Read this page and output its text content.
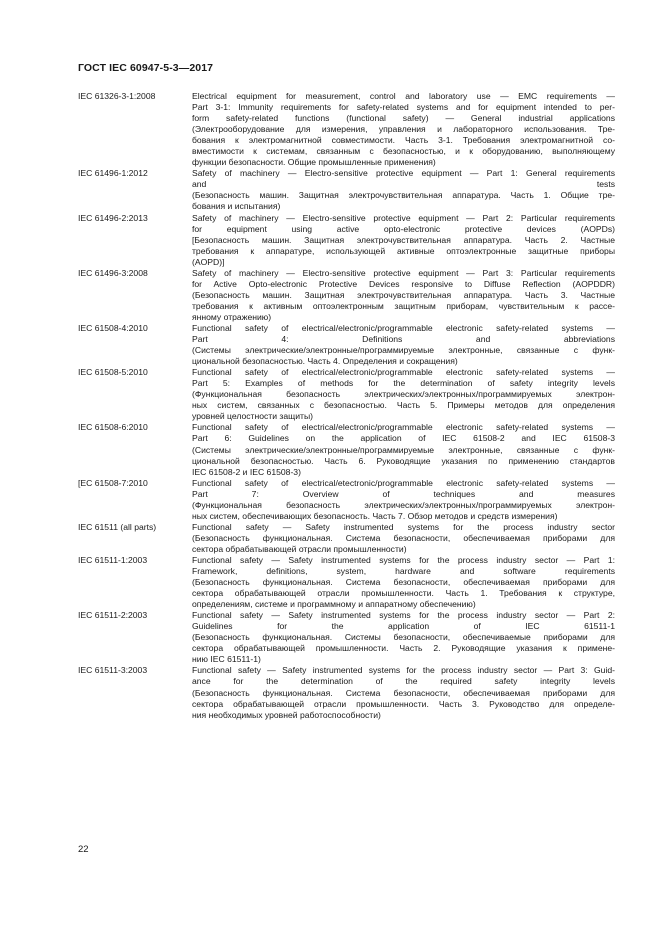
ГОСТ IEC 60947-5-3—2017
IEC 61326-3-1:2008	Electrical equipment for measurement, control and laboratory use — EMC requirements —
Part 3-1: Immunity requirements for safety-related systems and for equipment intended to per-
form safety-related functions (functional safety) — General industrial applications
(Электрооборудование для измерения, управления и лабораторного использования. Тре-
бования к электромагнитной совместимости. Часть 3-1. Требования электромагнитной со-
вместимости к системам, связанным с безопасностью, и к оборудованию, выполняющему
функции безопасности. Общие промышленные применения)
IEC 61496-1:2012	Safety of machinery — Electro-sensitive protective equipment — Part 1: General requirements
and tests
(Безопасность машин. Защитная электрочувствительная аппаратура. Часть 1. Общие тре-
бования и испытания)
IEC 61496-2:2013	Safety of machinery — Electro-sensitive protective equipment — Part 2: Particular requirements
for equipment using active opto-electronic protective devices (AOPDs)
[Безопасность машин. Защитная электрочувствительная аппаратура. Часть 2. Частные
требования к аппаратуре, использующей активные оптоэлектронные защитные приборы
(AOPD)]
IEC 61496-3:2008	Safety of machinery — Electro-sensitive protective equipment — Part 3: Particular requirements
for Active Opto-electronic Protective Devices responsive to Diffuse Reflection (AOPDDR)
(Безопасность машин. Защитная электрочувствительная аппаратура. Часть 3. Частные
требования к активным оптоэлектронным защитным приборам, чувствительным к рассе-
янному отражению)
IEC 61508-4:2010	Functional safety of electrical/electronic/programmable electronic safety-related systems —
Part 4: Definitions and abbreviations
(Системы электрические/электронные/программируемые электронные, связанные с функ-
циональной безопасностью. Часть 4. Определения и сокращения)
IEC 61508-5:2010	Functional safety of electrical/electronic/programmable electronic safety-related systems —
Part 5: Examples of methods for the determination of safety integrity levels
(Функциональная безопасность электрических/электронных/программируемых электрон-
ных систем, связанных с безопасностью. Часть 5. Примеры методов для определения
уровней целостности защиты)
IEC 61508-6:2010	Functional safety of electrical/electronic/programmable electronic safety-related systems —
Part 6: Guidelines on the application of IEC 61508-2 and IEC 61508-3
(Системы электрические/электронные/программируемые электронные, связанные с функ-
циональной безопасностью. Часть 6. Руководящие указания по применению стандартов
IEC 61508-2 и IEC 61508-3)
[EC 61508-7:2010	Functional safety of electrical/etectronic/programmable electronic safety-related systems —
Part 7: Overview of techniques and measures
(Функциональная безопасность электрических/электронных/программируемых электрон-
ных систем, обеспечивающих безопасность. Часть 7. Обзор методов и средств измерения)
IEC 61511 (all parts)	Functional safety — Safety instrumented systems for the process industry sector
(Безопасность функциональная. Система безопасности, обеспечиваемая приборами для
сектора обрабатывающей отрасли промышленности)
IEC 61511-1:2003	Functional safety — Safety instrumented systems for the process industry sector — Part 1:
Framework, definitions, system, hardware and software requirements
(Безопасность функциональная. Система безопасности, обеспечиваемая приборами для
сектора обрабатывающей отрасли промышленности. Часть 1. Требования к структуре,
определениям, системе и программному и аппаратному обеспечению)
IEC 61511-2:2003	Functional safety — Safety instrumented systems for the process industry sector — Part 2:
Guidelines for the application of IEC 61511-1
(Безопасность функциональная. Системы безопасности, обеспечиваемые приборами для
сектора обрабатывающей промышленности. Часть 2. Руководящие указания к примене-
нию IEC 61511-1)
IEC 61511-3:2003	Functional safety — Safety instrumented systems for the process industry sector — Part 3: Guid-
ance for the determination of the required safety integrity levels
(Безопасность функциональная. Система безопасности, обеспечиваемая приборами для
сектора обрабатывающей отрасли промышленности. Часть 3. Руководство для определе-
ния необходимых уровней работоспособности)
22
